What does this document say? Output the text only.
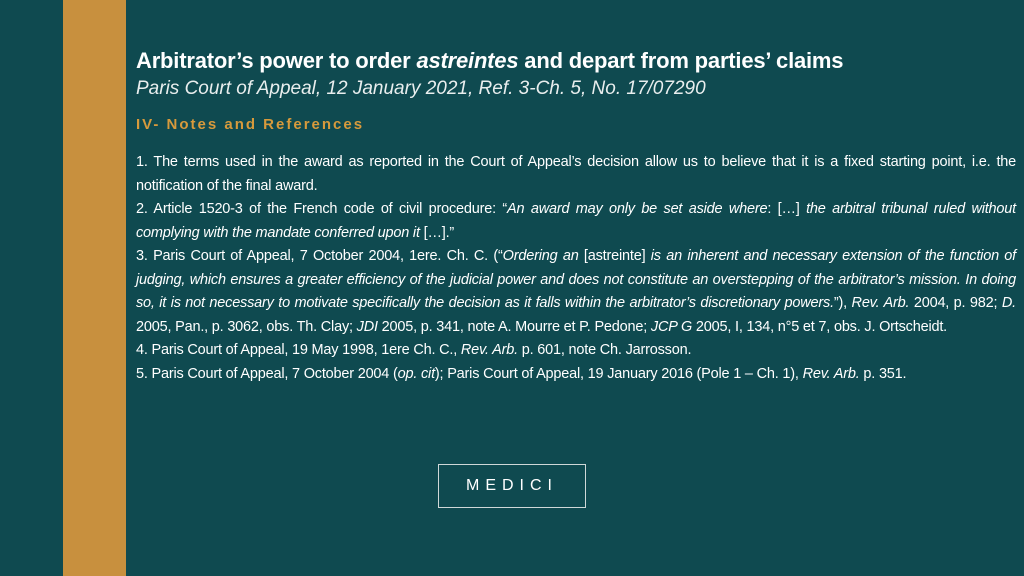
Arbitrator’s power to order astreintes and depart from parties’ claims

Paris Court of Appeal, 12 January 2021, Ref. 3-Ch. 5, No. 17/07290

IV- Notes and References

1. The terms used in the award as reported in the Court of Appeal’s decision allow us to believe that it is a fixed starting point, i.e. the notification of the final award.

2. Article 1520-3 of the French code of civil procedure: “An award may only be set aside where: […] the arbitral tribunal ruled without complying with the mandate conferred upon it […].”

3. Paris Court of Appeal, 7 October 2004, 1ere. Ch. C. (“Ordering an [astreinte] is an inherent and necessary extension of the function of judging, which ensures a greater efficiency of the judicial power and does not constitute an overstepping of the arbitrator’s mission. In doing so, it is not necessary to motivate specifically the decision as it falls within the arbitrator’s discretionary powers.”), Rev. Arb. 2004, p. 982; D. 2005, Pan., p. 3062, obs. Th. Clay; JDI 2005, p. 341, note A. Mourre et P. Pedone; JCP G 2005, I, 134, n°5 et 7, obs. J. Ortscheidt.

4. Paris Court of Appeal, 19 May 1998, 1ere Ch. C., Rev. Arb. p. 601, note Ch. Jarrosson.

5. Paris Court of Appeal, 7 October 2004 (op. cit); Paris Court of Appeal, 19 January 2016 (Pole 1 – Ch. 1), Rev. Arb. p. 351.

MEDICI
